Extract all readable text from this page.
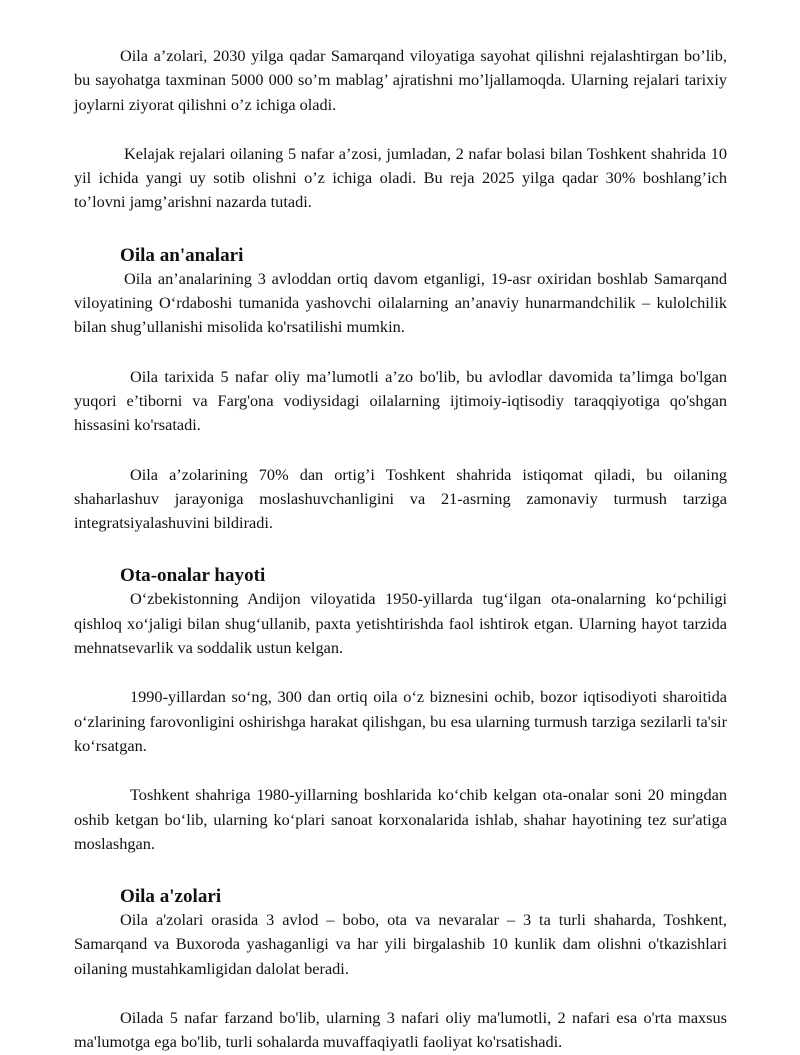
Oila a’zolari, 2030 yilga qadar Samarqand viloyatiga sayohat qilishni rejalashtirgan bo’lib, bu sayohatga taxminan 5000 000 so’m mablag’ ajratishni mo’ljallamoqda. Ularning rejalari tarixiy joylarni ziyorat qilishni o’z ichiga oladi.

Kelajak rejalari oilaning 5 nafar a’zosi, jumladan, 2 nafar bolasi bilan Toshkent shahrida 10 yil ichida yangi uy sotib olishni o’z ichiga oladi. Bu reja 2025 yilga qadar 30% boshlang’ich to’lovni jamg’arishni nazarda tutadi.

Oila an'analari

Oila an’analarining 3 avloddan ortiq davom etganligi, 19-asr oxiridan boshlab Samarqand viloyatining O‘rdaboshi tumanida yashovchi oilalarning an’anaviy hunarmandchilik – kulolchilik bilan shug’ullanishi misolida ko'rsatilishi mumkin.

Oila tarixida 5 nafar oliy ma’lumotli a’zo bo'lib, bu avlodlar davomida ta’limga bo'lgan yuqori e’tiborni va Farg'ona vodiysidagi oilalarning ijtimoiy-iqtisodiy taraqqiyotiga qo'shgan hissasini ko'rsatadi.

Oila a’zolarining 70% dan ortig’i Toshkent shahrida istiqomat qiladi, bu oilaning shaharlashuv jarayoniga moslashuvchanligini va 21-asrning zamonaviy turmush tarziga integratsiyalashuvini bildiradi.

Ota-onalar hayoti

O‘zbekistonning Andijon viloyatida 1950-yillarda tug‘ilgan ota-onalarning ko‘pchiligi qishloq xo‘jaligi bilan shug‘ullanib, paxta yetishtirishda faol ishtirok etgan. Ularning hayot tarzida mehnatsevarlik va soddalik ustun kelgan.

1990-yillardan so‘ng, 300 dan ortiq oila o‘z biznesini ochib, bozor iqtisodiyoti sharoitida o‘zlarining farovonligini oshirishga harakat qilishgan, bu esa ularning turmush tarziga sezilarli ta'sir ko‘rsatgan.

Toshkent shahriga 1980-yillarning boshlarida ko‘chib kelgan ota-onalar soni 20 mingdan oshib ketgan bo‘lib, ularning ko‘plari sanoat korxonalarida ishlab, shahar hayotining tez sur'atiga moslashgan.

Oila a'zolari

Oila a'zolari orasida 3 avlod – bobo, ota va nevaralar – 3 ta turli shaharda, Toshkent, Samarqand va Buxoroda yashaganligi va har yili birgalashib 10 kunlik dam olishni o'tkazishlari oilaning mustahkamligidan dalolat beradi.

Oilada 5 nafar farzand bo'lib, ularning 3 nafari oliy ma'lumotli, 2 nafari esa o'rta maxsus ma'lumotga ega bo'lib, turli sohalarda muvaffaqiyatli faoliyat ko'rsatishadi.
